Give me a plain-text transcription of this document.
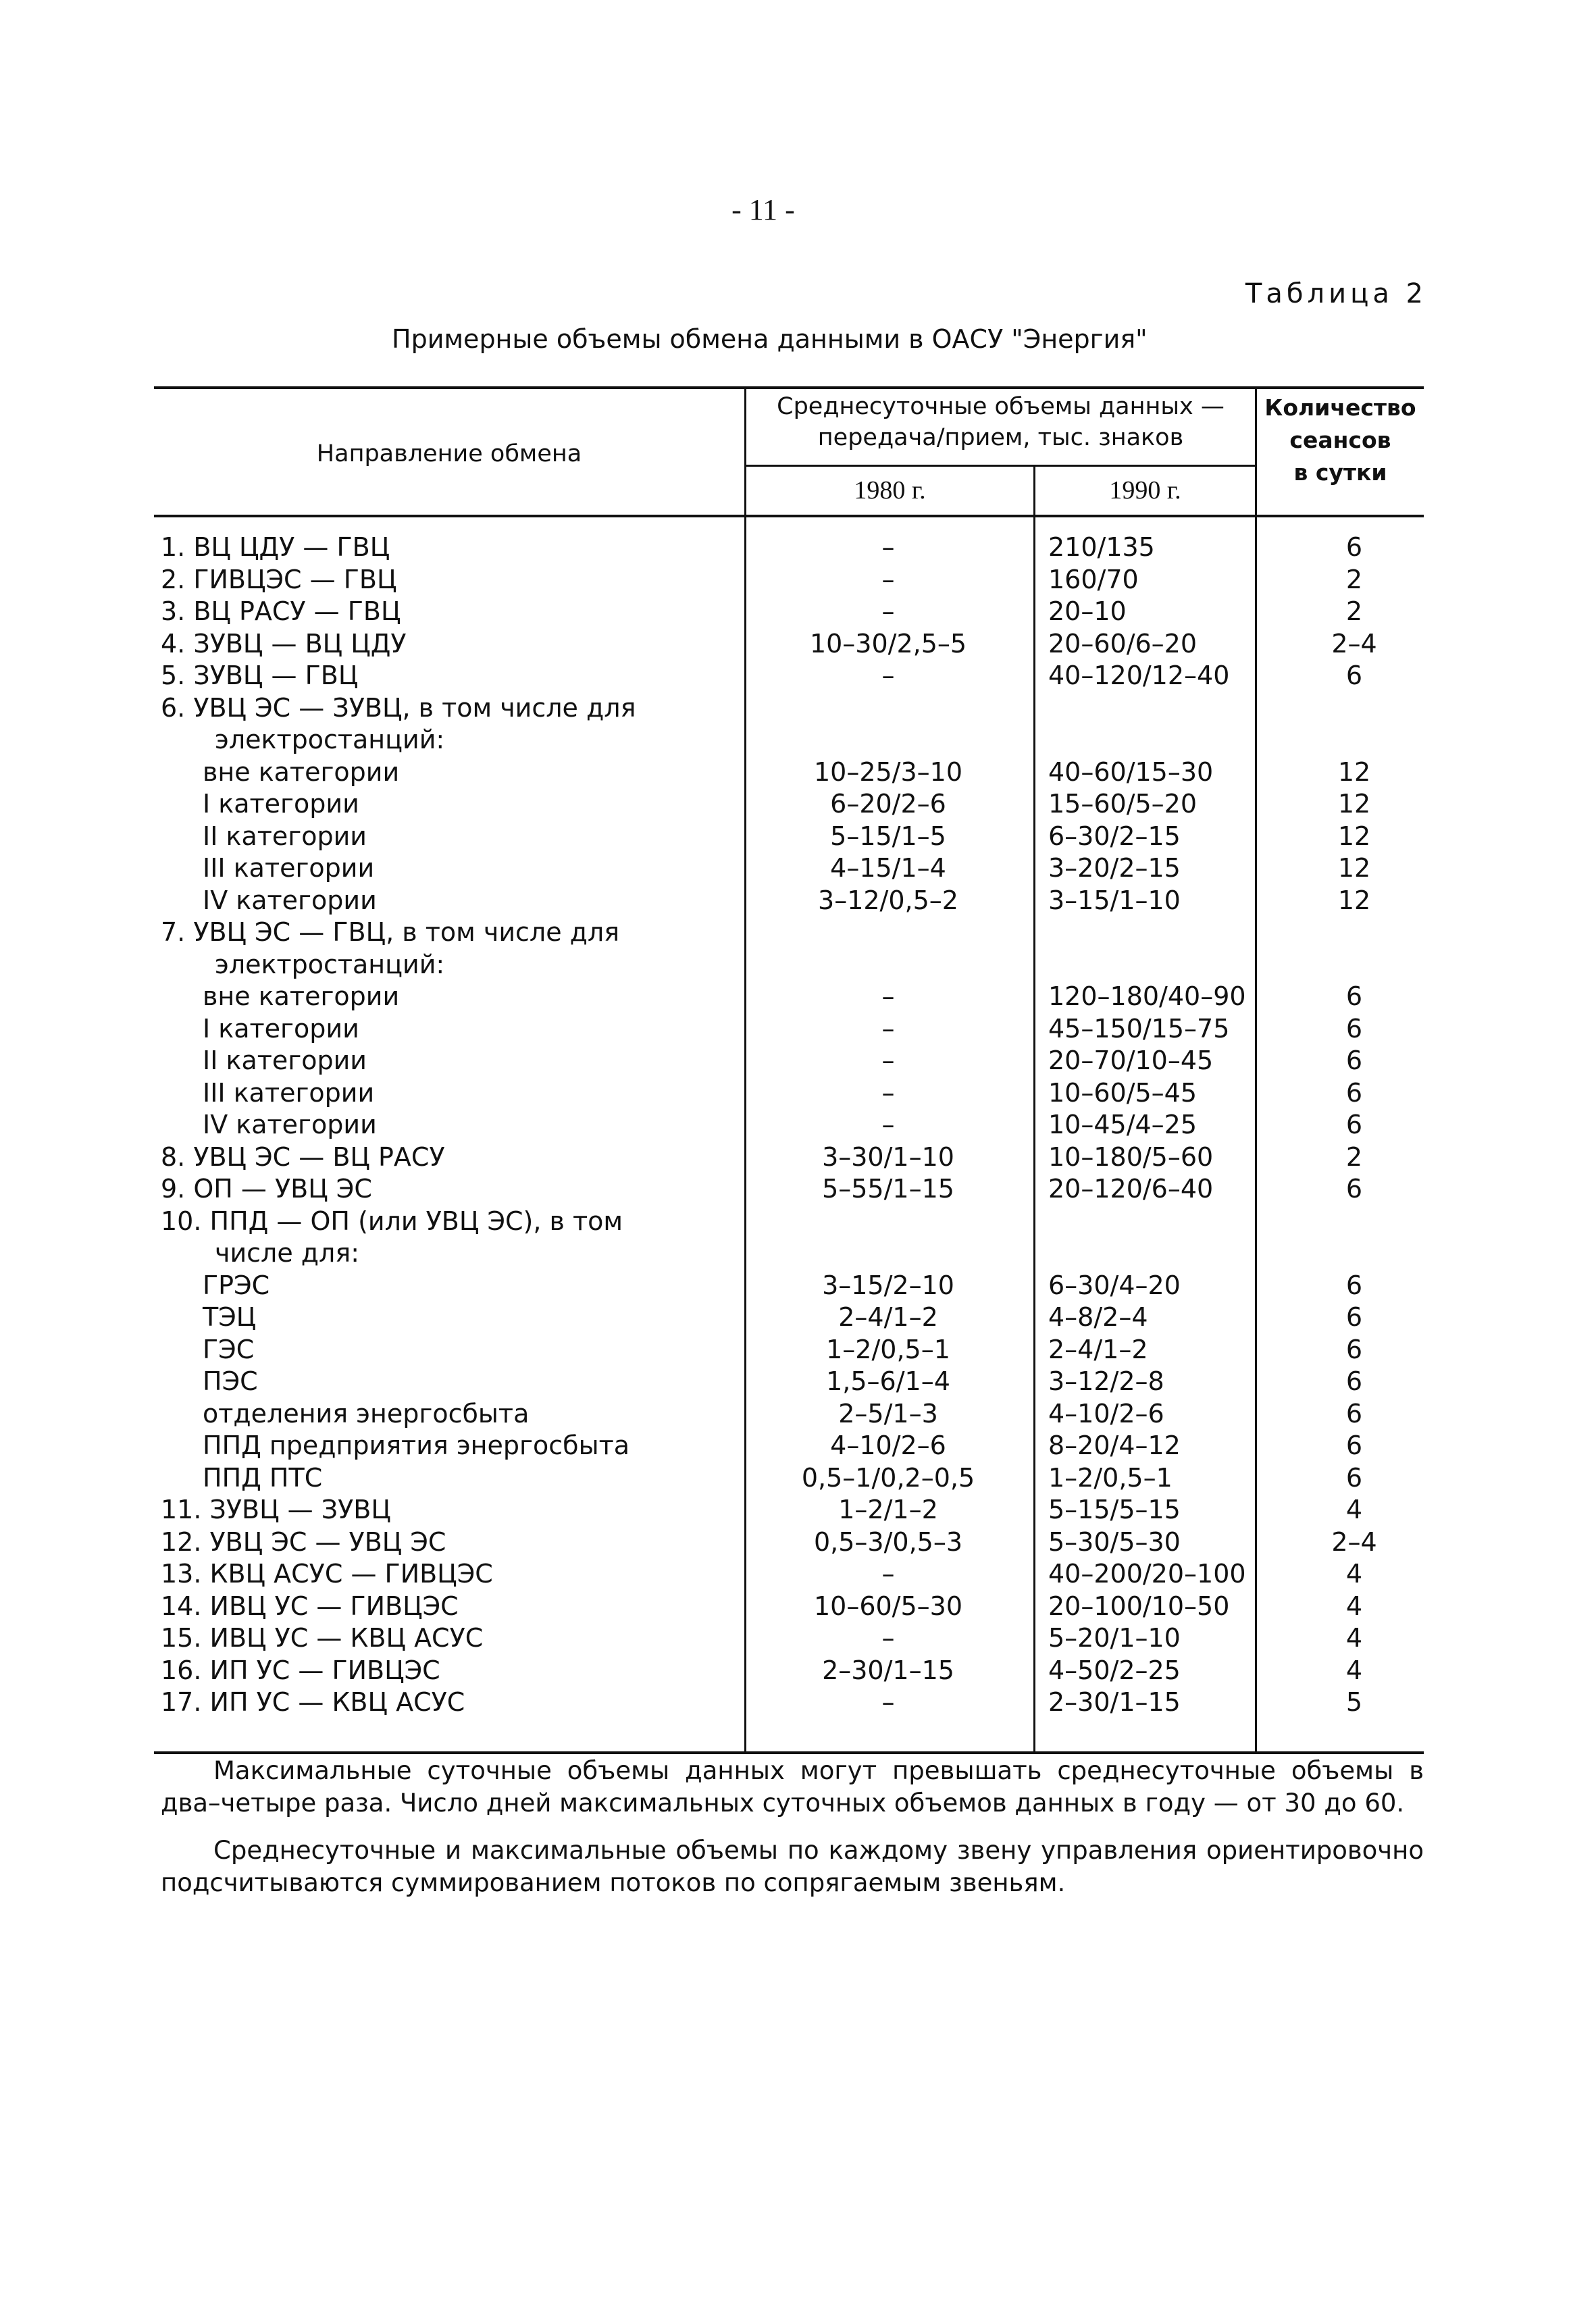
- 11 -
Таблица 2
Примерные объемы обмена данными в ОАСУ "Энергия"
Направление обмена
Среднесуточные объемы данных —
передача/прием, тыс. знаков
1980 г.	1990 г.
Количество
сеансов
в сутки
1. ВЦ ЦДУ — ГВЦ	–	210/135	6
2. ГИВЦЭС — ГВЦ	–	160/70	2
3. ВЦ РАСУ — ГВЦ	–	20–10	2
4. ЗУВЦ — ВЦ ЦДУ	10–30/2,5–5	20–60/6–20	2–4
5. ЗУВЦ — ГВЦ	–	40–120/12–40	6
6. УВЦ ЭС — ЗУВЦ, в том числе для
электростанций:
вне категории	10–25/3–10	40–60/15–30	12
I категории	6–20/2–6	15–60/5–20	12
II категории	5–15/1–5	6–30/2–15	12
III категории	4–15/1–4	3–20/2–15	12
IV категории	3–12/0,5–2	3–15/1–10	12
7. УВЦ ЭС — ГВЦ, в том числе для
электростанций:
вне категории	–	120–180/40–90	6
I категории	–	45–150/15–75	6
II категории	–	20–70/10–45	6
III категории	–	10–60/5–45	6
IV категории	–	10–45/4–25	6
8. УВЦ ЭС — ВЦ РАСУ	3–30/1–10	10–180/5–60	2
9. ОП — УВЦ ЭС	5–55/1–15	20–120/6–40	6
10. ППД — ОП (или УВЦ ЭС), в том
числе для:
ГРЭС	3–15/2–10	6–30/4–20	6
ТЭЦ	2–4/1–2	4–8/2–4	6
ГЭС	1–2/0,5–1	2–4/1–2	6
ПЭС	1,5–6/1–4	3–12/2–8	6
отделения энергосбыта	2–5/1–3	4–10/2–6	6
ППД предприятия энергосбыта	4–10/2–6	8–20/4–12	6
ППД ПТС	0,5–1/0,2–0,5	1–2/0,5–1	6
11. ЗУВЦ — ЗУВЦ	1–2/1–2	5–15/5–15	4
12. УВЦ ЭС — УВЦ ЭС	0,5–3/0,5–3	5–30/5–30	2–4
13. КВЦ АСУС — ГИВЦЭС	–	40–200/20–100	4
14. ИВЦ УС — ГИВЦЭС	10–60/5–30	20–100/10–50	4
15. ИВЦ УС — КВЦ АСУС	–	5–20/1–10	4
16. ИП УС — ГИВЦЭС	2–30/1–15	4–50/2–25	4
17. ИП УС — КВЦ АСУС	–	2–30/1–15	5

Максимальные суточные объемы данных могут превышать среднесуточные объемы в два–четыре раза. Число дней максимальных суточных объемов данных в году — от 30 до 60.

Среднесуточные и максимальные объемы по каждому звену управления ориентировочно подсчитываются суммированием потоков по сопрягаемым звеньям.
